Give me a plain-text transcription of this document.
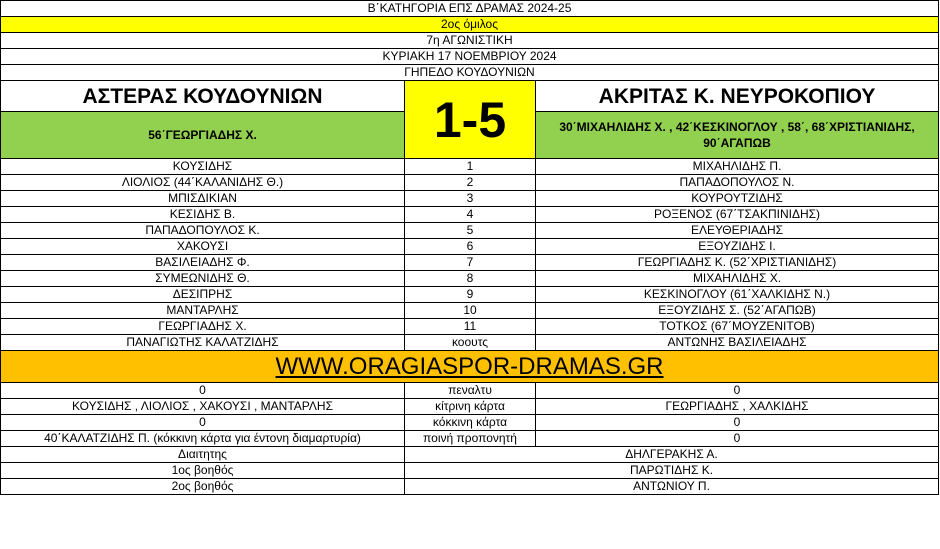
Β΄ΚΑΤΗΓΟΡΙΑ ΕΠΣ ΔΡΑΜΑΣ 2024-25		
2ος όμιλος		
7η ΑΓΩΝΙΣΤΙΚΗ		
ΚΥΡΙΑΚΗ 17 ΝΟΕΜΒΡΙΟΥ 2024		
ΓΗΠΕΔΟ ΚΟΥΔΟΥΝΙΩΝ		
ΑΣΤΕΡΑΣ ΚΟΥΔΟΥΝΙΩΝ	1-5	ΑΚΡΙΤΑΣ Κ. ΝΕΥΡΟΚΟΠΙΟΥ
56΄ΓΕΩΡΓΙΑΔΗΣ Χ.		30΄ΜΙΧΑΗΛΙΔΗΣ Χ. , 42΄ΚΕΣΚΙΝΟΓΛΟΥ , 58΄, 68΄ΧΡΙΣΤΙΑΝΙΔΗΣ, 90΄ΑΓΑΠΩΒ
ΚΟΥΣΙΔΗΣ	1	ΜΙΧΑΗΛΙΔΗΣ Π.
ΛΙΟΛΙΟΣ (44΄ΚΑΛΑΝΙΔΗΣ Θ.)	2	ΠΑΠΑΔΟΠΟΥΛΟΣ Ν.
ΜΠΙΣΔΙΚΙΑΝ	3	ΚΟΥΡΟΥΤΖΙΔΗΣ
ΚΕΣΙΔΗΣ Β.	4	ΡΟΞΕΝΟΣ (67΄ΤΣΑΚΠΙΝΙΔΗΣ)
ΠΑΠΑΔΟΠΟΥΛΟΣ Κ.	5	ΕΛΕΥΘΕΡΙΑΔΗΣ
ΧΑΚΟΥΣΙ	6	ΕΞΟΥΖΙΔΗΣ Ι.
ΒΑΣΙΛΕΙΑΔΗΣ Φ.	7	ΓΕΩΡΓΙΑΔΗΣ Κ. (52΄ΧΡΙΣΤΙΑΝΙΔΗΣ)
ΣΥΜΕΩΝΙΔΗΣ Θ.	8	ΜΙΧΑΗΛΙΔΗΣ Χ.
ΔΕΣΙΠΡΗΣ	9	ΚΕΣΚΙΝΟΓΛΟΥ (61΄ΧΑΛΚΙΔΗΣ Ν.)
ΜΑΝΤΑΡΛΗΣ	10	ΕΞΟΥΖΙΔΗΣ Σ. (52΄ΑΓΑΠΩΒ)
ΓΕΩΡΓΙΑΔΗΣ Χ.	11	ΤΟΤΚΟΣ (67΄ΜΟΥΖΕΝΙΤΟΒ)
ΠΑΝΑΓΙΩΤΗΣ ΚΑΛΑΤΖΙΔΗΣ	κοουτς	ΑΝΤΩΝΗΣ ΒΑΣΙΛΕΙΑΔΗΣ
WWW.ORAGIASPOR-DRAMAS.GR		
0	πεναλτυ	0
ΚΟΥΣΙΔΗΣ , ΛΙΟΛΙΟΣ , ΧΑΚΟΥΣΙ , ΜΑΝΤΑΡΛΗΣ	κίτρινη κάρτα	ΓΕΩΡΓΙΑΔΗΣ , ΧΑΛΚΙΔΗΣ
0	κόκκινη κάρτα	0
40΄ΚΑΛΑΤΖΙΔΗΣ Π. (κόκκινη κάρτα για έντονη διαμαρτυρία)	ποινή προπονητή	0
Διαιτητης	ΔΗΛΓΕΡΑΚΗΣ Α.	
1ος βοηθός	ΠΑΡΩΤΙΔΗΣ Κ.	
2ος βοηθός	ΑΝΤΩΝΙΟΥ Π.	
